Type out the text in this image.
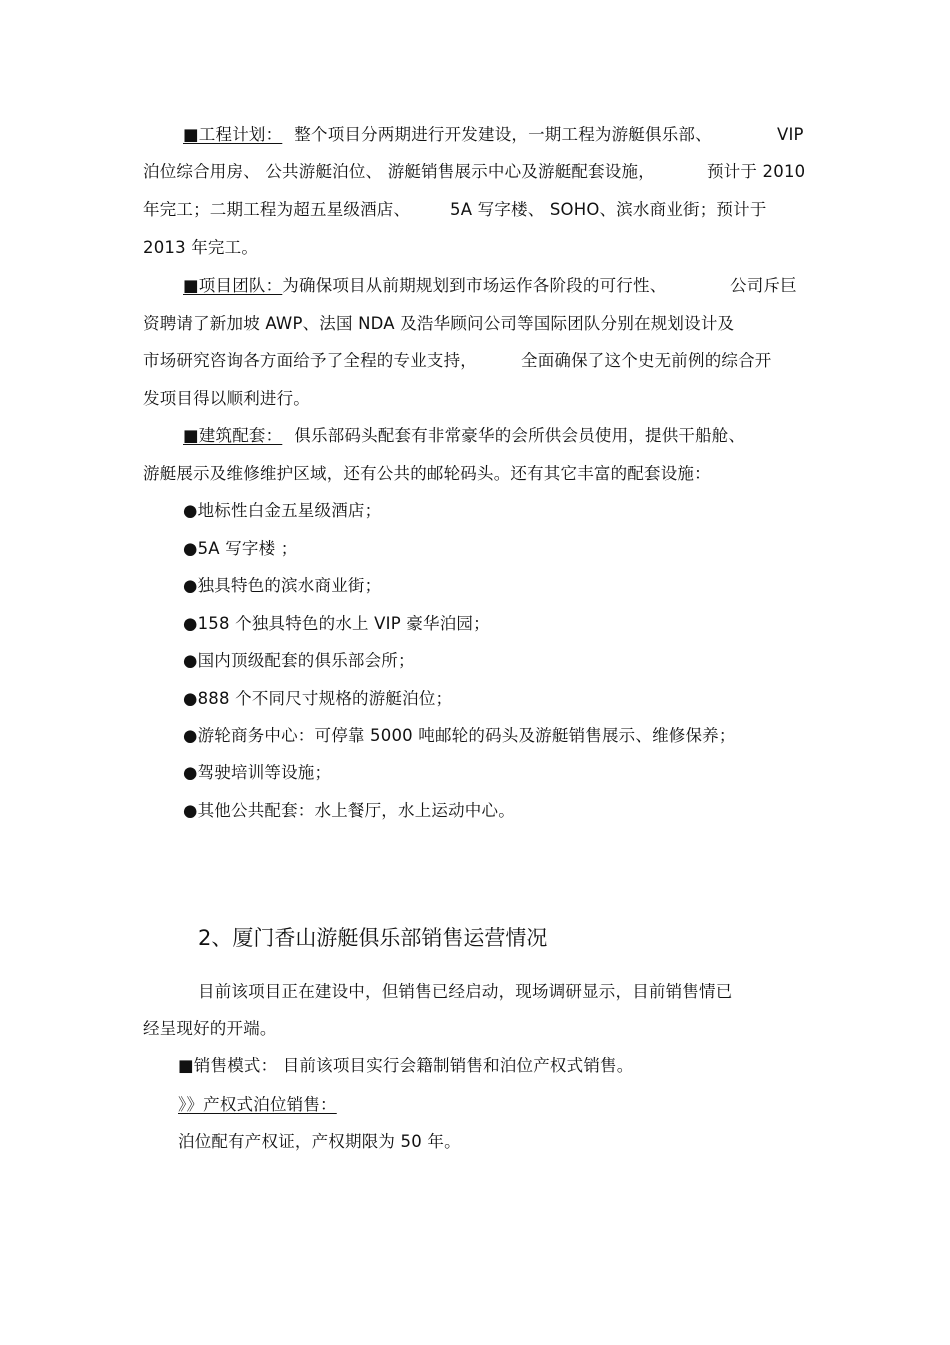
■工程计划： 整个项目分两期进行开发建设，一期工程为游艇俱乐部、	VIP
泊位综合用房、 公共游艇泊位、 游艇销售展示中心及游艇配套设施，	预计于 2010
年完工；二期工程为超五星级酒店、 5A 写字楼、 SOHO、滨水商业街；预计于
2013 年完工。
■项目团队：为确保项目从前期规划到市场运作各阶段的可行性、	公司斥巨
资聘请了新加坡 AWP、法国 NDA 及浩华顾问公司等国际团队分别在规划设计及
市场研究咨询各方面给予了全程的专业支持，	全面确保了这个史无前例的综合开
发项目得以顺利进行。
■建筑配套： 俱乐部码头配套有非常豪华的会所供会员使用，提供干船舱、
游艇展示及维修维护区域，还有公共的邮轮码头。还有其它丰富的配套设施：
●地标性白金五星级酒店；
●5A 写字楼 ；
●独具特色的滨水商业街；
●158 个独具特色的水上 VIP 豪华泊园；
●国内顶级配套的俱乐部会所；
●888 个不同尺寸规格的游艇泊位；
●游轮商务中心：可停靠 5000 吨邮轮的码头及游艇销售展示、维修保养；
●驾驶培训等设施；
●其他公共配套：水上餐厅，水上运动中心。
2、厦门香山游艇俱乐部销售运营情况
目前该项目正在建设中，但销售已经启动，现场调研显示，目前销售情已
经呈现好的开端。
■销售模式： 目前该项目实行会籍制销售和泊位产权式销售。
》》产权式泊位销售：
泊位配有产权证，产权期限为 50 年。
